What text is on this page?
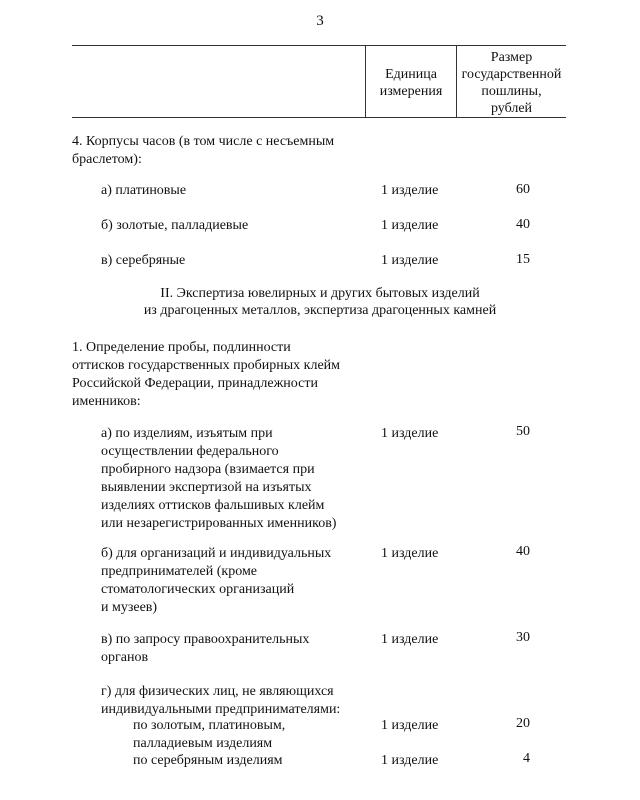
3
Единица
измерения
Размер
государственной
пошлины,
рублей
4. Корпусы часов (в том числе с несъемным
браслетом):
а) платиновые	1 изделие	60
б) золотые, палладиевые	1 изделие	40
в) серебряные	1 изделие	15
II. Экспертиза ювелирных и других бытовых изделий
из драгоценных металлов, экспертиза драгоценных камней
1. Определение пробы, подлинности
оттисков государственных пробирных клейм
Российской Федерации, принадлежности
именников:
а) по изделиям, изъятым при
осуществлении федерального
пробирного надзора (взимается при
выявлении экспертизой на изъятых
изделиях оттисков фальшивых клейм
или незарегистрированных именников)
1 изделие	50
б) для организаций и индивидуальных
предпринимателей (кроме
стоматологических организаций
и музеев)
1 изделие	40
в) по запросу правоохранительных
органов
1 изделие	30
г) для физических лиц, не являющихся
индивидуальными предпринимателями:
по золотым, платиновым,
палладиевым изделиям
1 изделие	20
по серебряным изделиям	1 изделие	4
